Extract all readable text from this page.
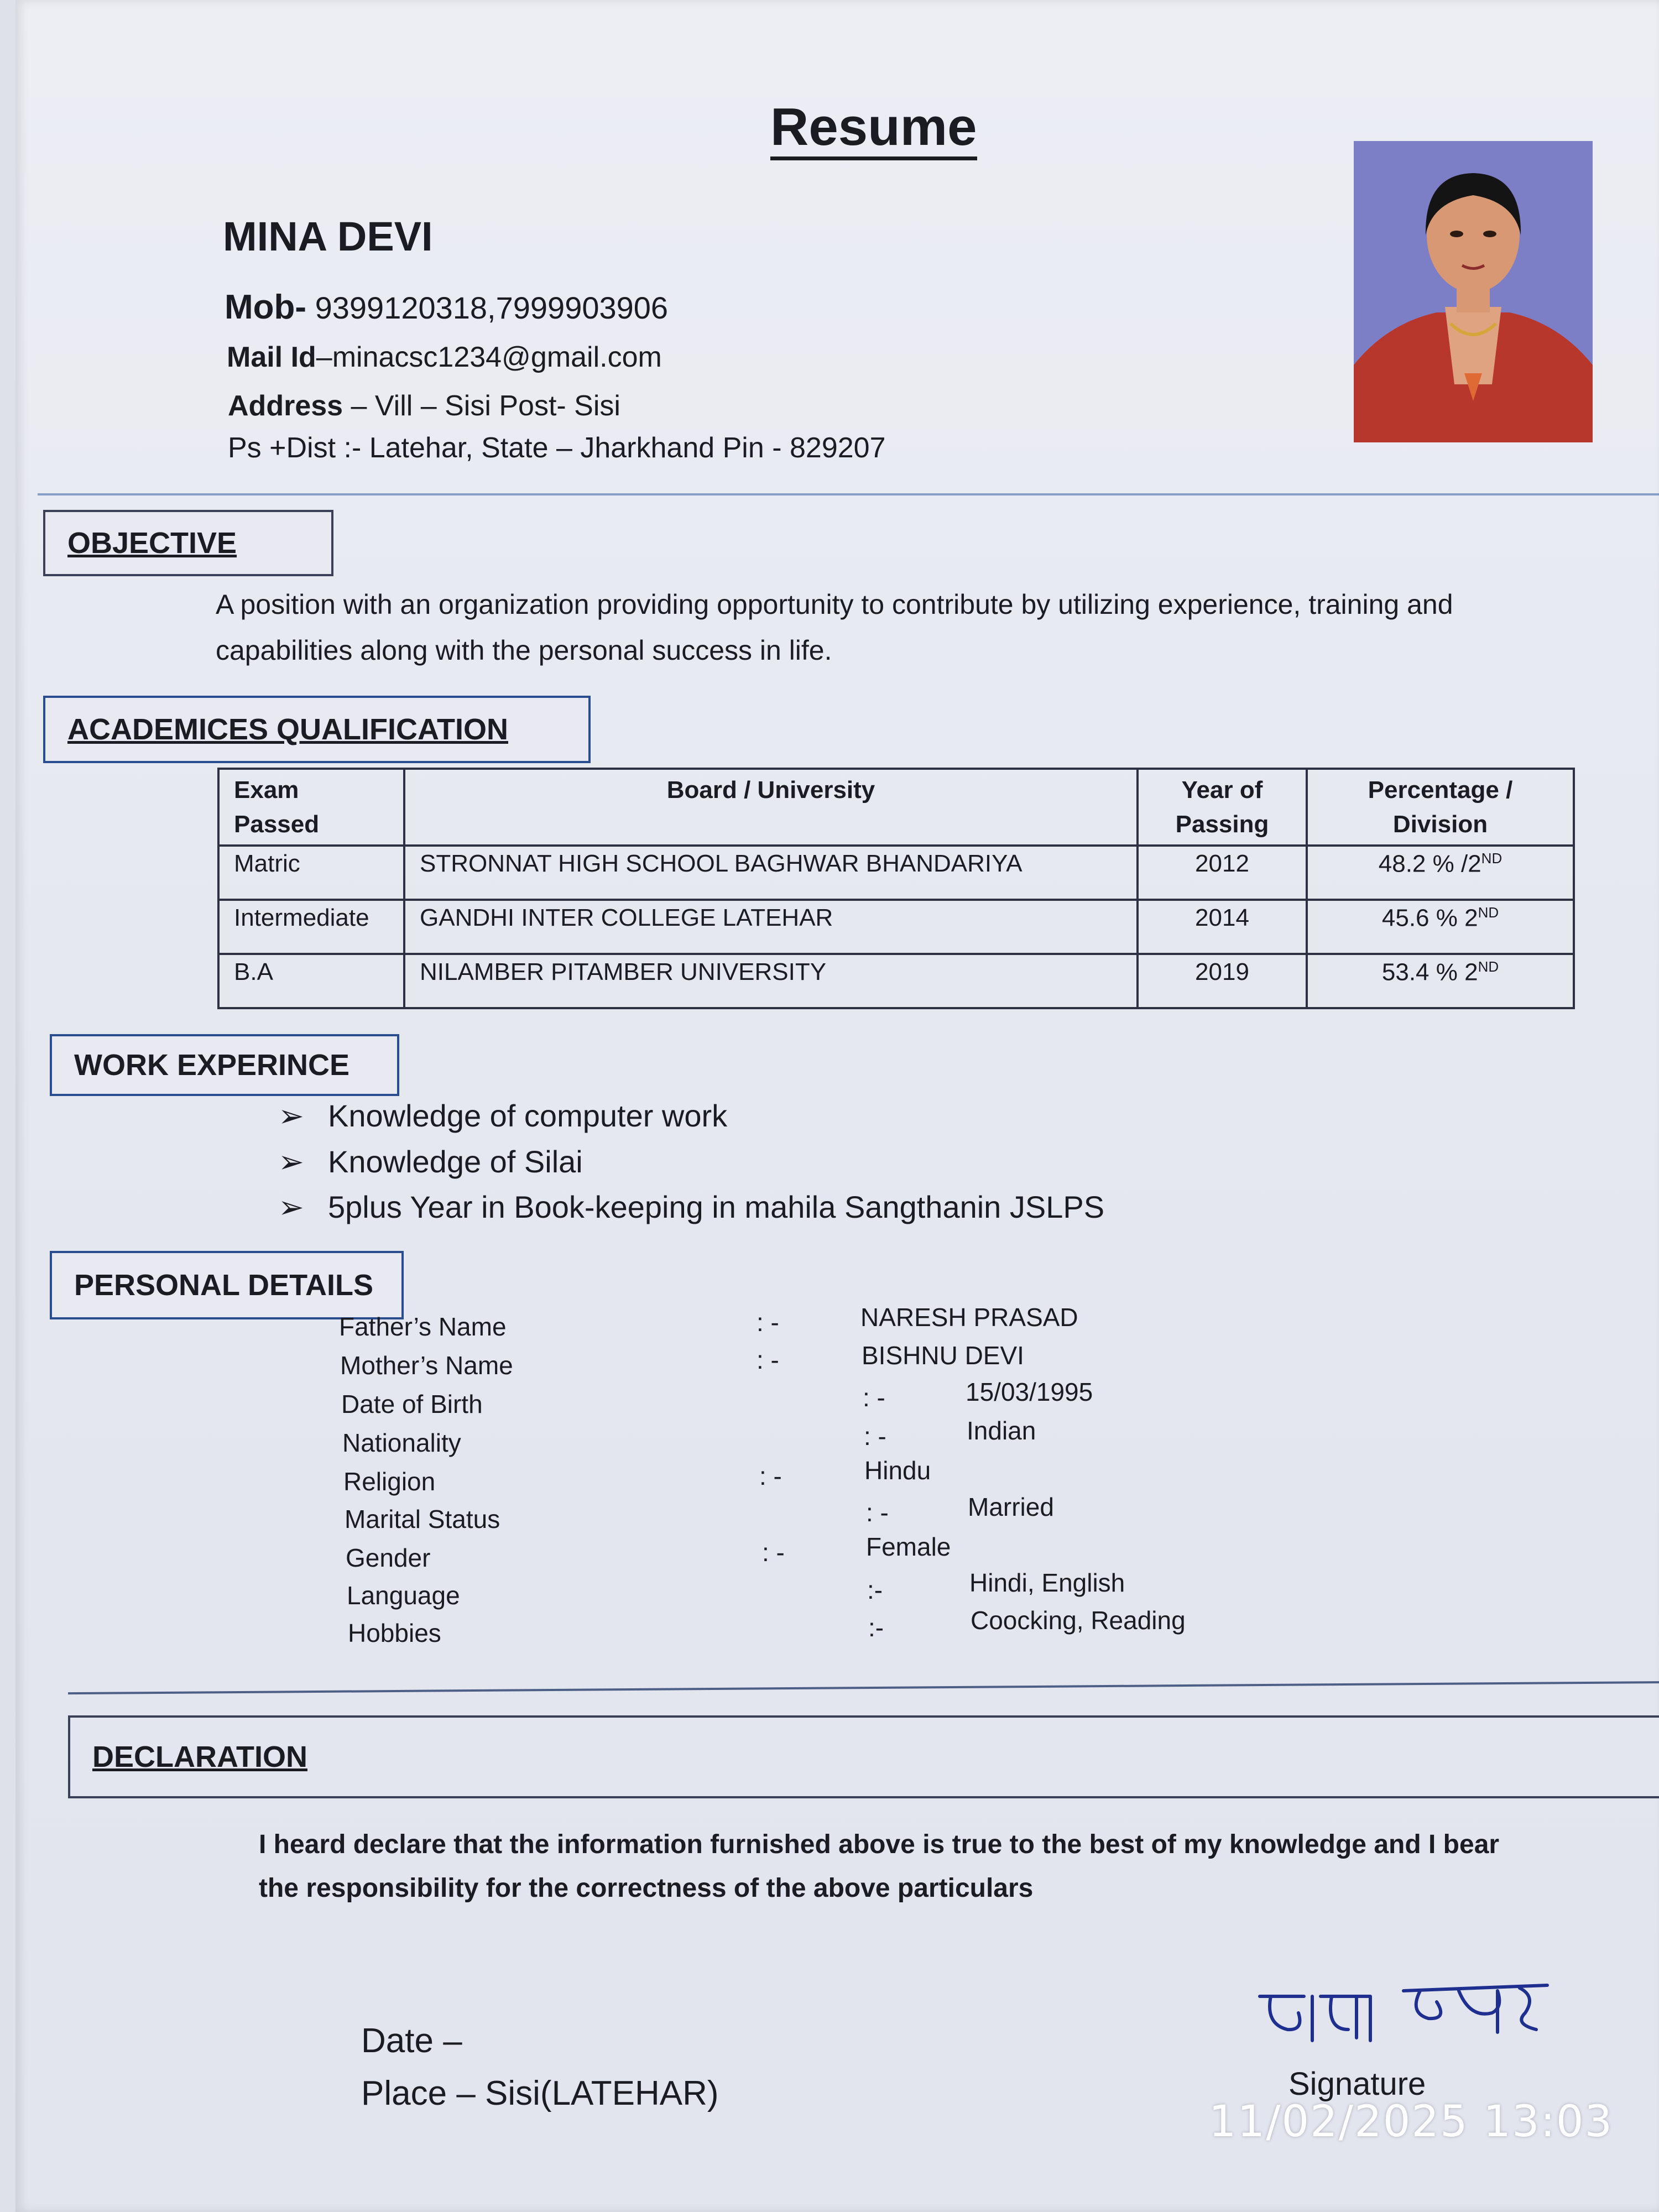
Resume
MINA DEVI
Mob- 9399120318,7999903906
Mail Id–minacsc1234@gmail.com
Address – Vill – Sisi Post- Sisi
Ps +Dist :- Latehar, State – Jharkhand Pin - 829207
OBJECTIVE
A position with an organization providing opportunity to contribute by utilizing experience, training and capabilities along with the personal success in life.
ACADEMICES QUALIFICATION
Exam Passed	Board / University	Year of Passing	Percentage / Division
Matric	STRONNAT HIGH SCHOOL BAGHWAR BHANDARIYA	2012	48.2 % /2ND
Intermediate	GANDHI INTER COLLEGE LATEHAR	2014	45.6 % 2ND
B.A	NILAMBER PITAMBER UNIVERSITY	2019	53.4 % 2ND
WORK EXPERINCE
➢ Knowledge of computer work
➢ Knowledge of Silai
➢ 5plus Year in Book-keeping in mahila Sangthanin JSLPS
PERSONAL DETAILS
Father’s Name	: -	NARESH PRASAD
Mother’s Name	: -	BISHNU DEVI
Date of Birth	: -	15/03/1995
Nationality	: -	Indian
Religion	: -	Hindu
Marital Status	: -	Married
Gender	: -	Female
Language	:-	Hindi, English
Hobbies	:-	Coocking, Reading
DECLARATION
I heard declare that the information furnished above is true to the best of my knowledge and I bear the responsibility for the correctness of the above particulars
Date –
Place – Sisi(LATEHAR)	Signature
11/02/2025 13:03
